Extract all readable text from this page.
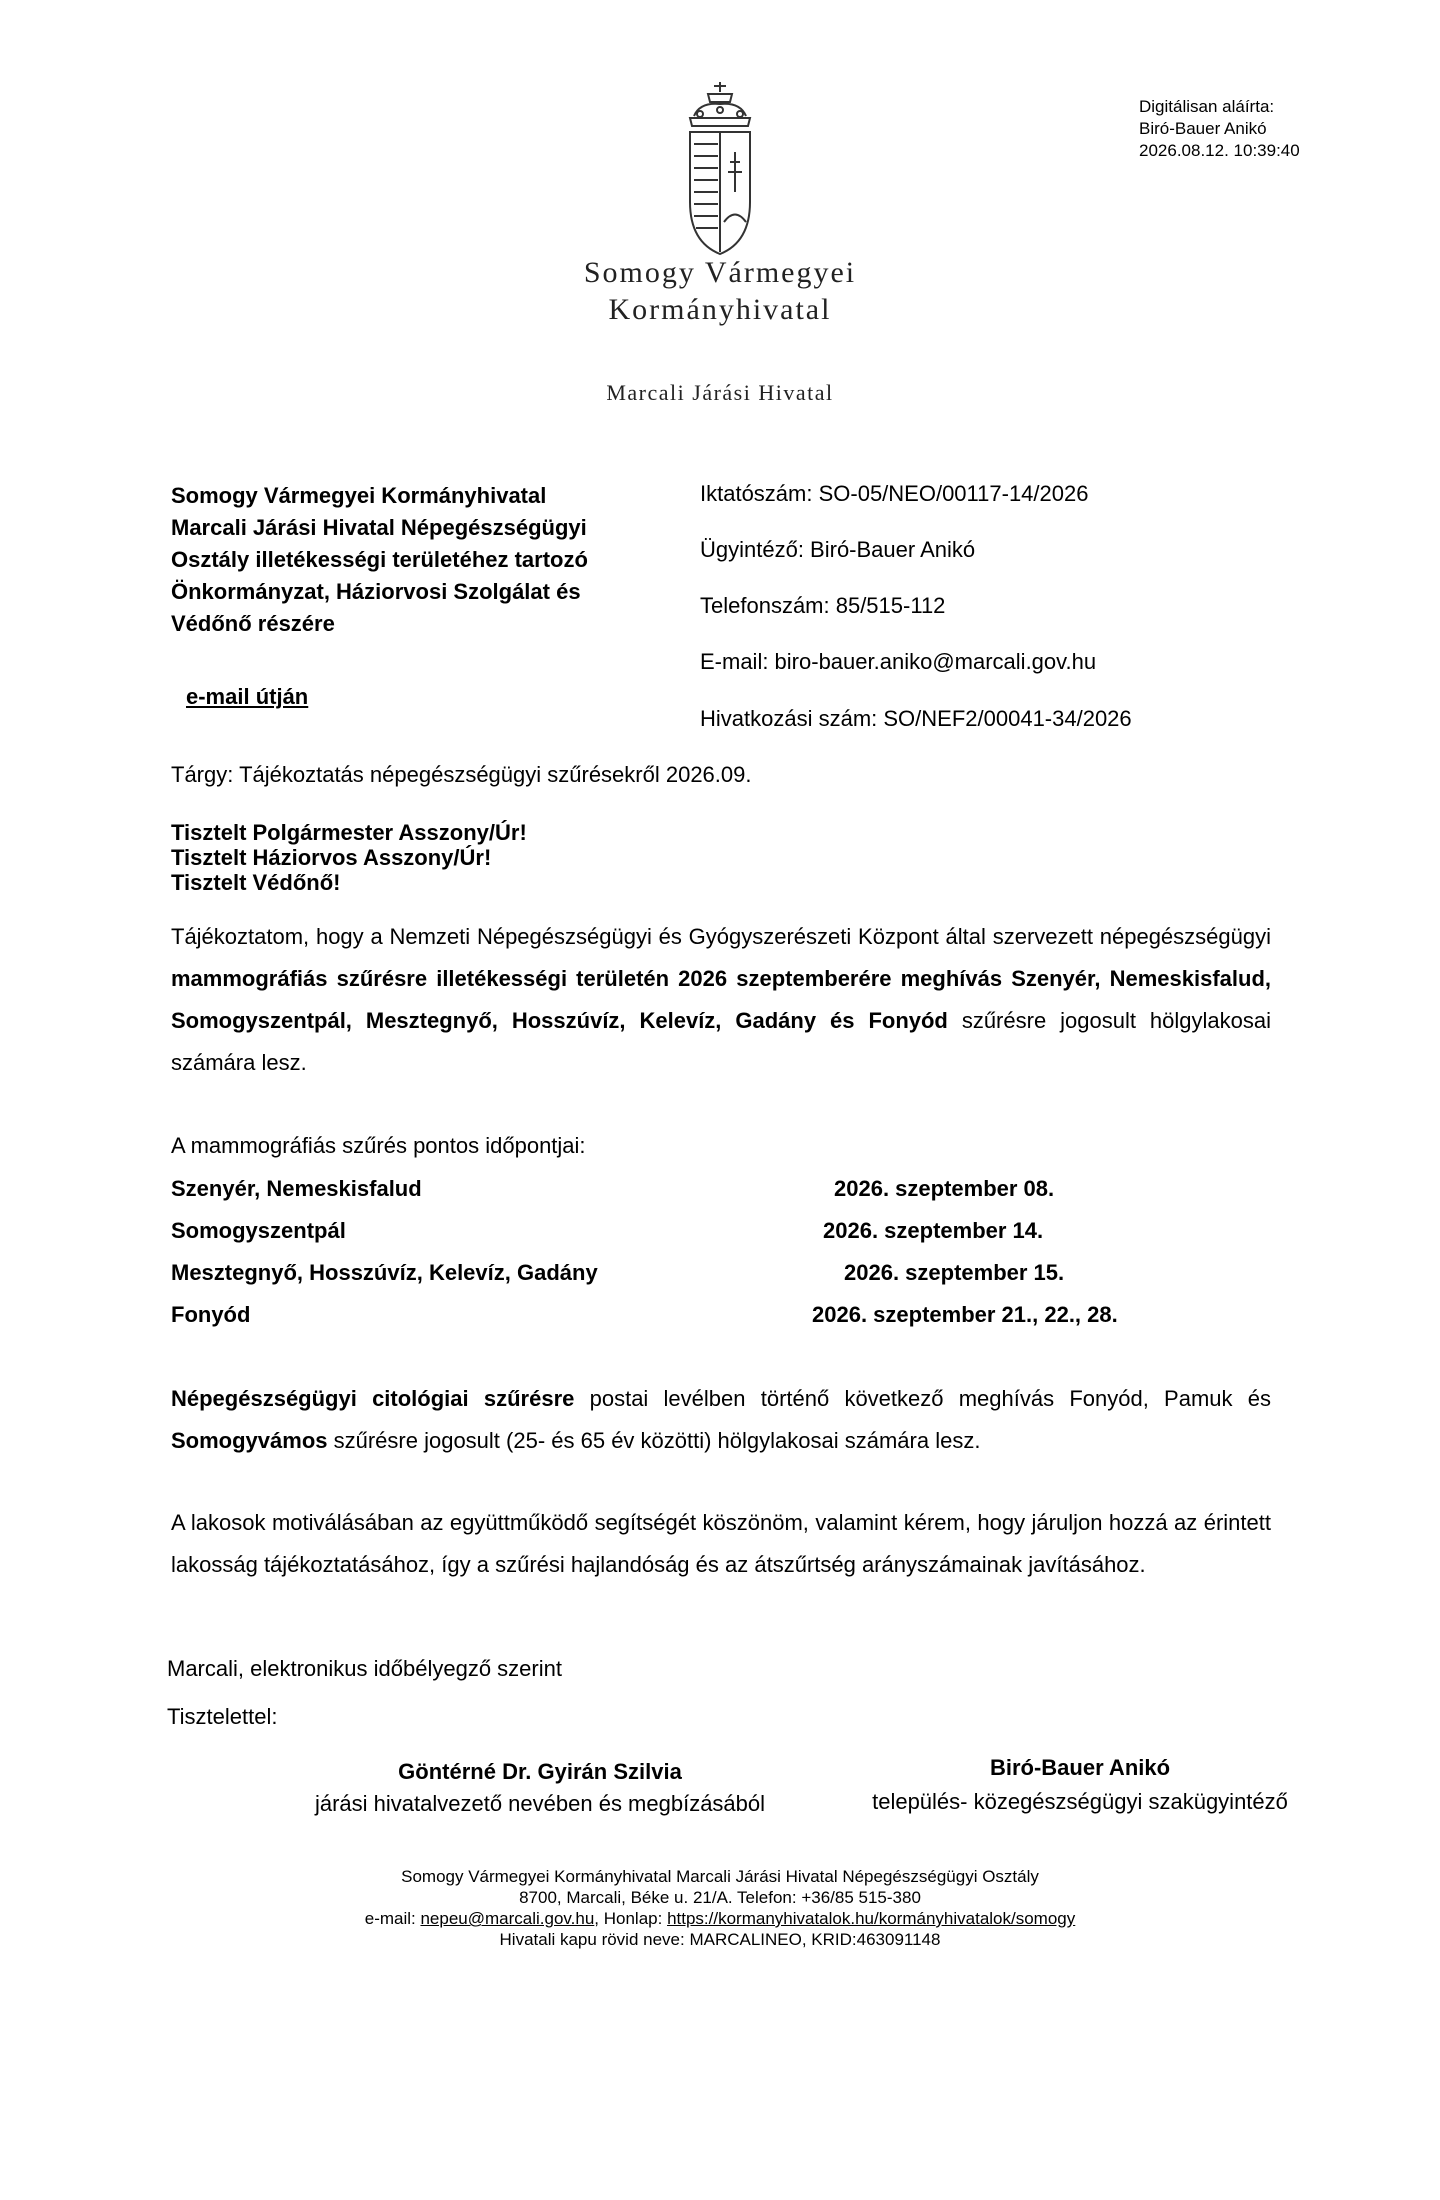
Digitálisan aláírta:
Biró-Bauer Anikó
2026.08.12. 10:39:40
Somogy Vármegyei
Kormányhivatal
Marcali Járási Hivatal
Somogy Vármegyei Kormányhivatal
Marcali Járási Hivatal Népegészségügyi
Osztály illetékességi területéhez tartozó
Önkormányzat, Háziorvosi Szolgálat és
Védőnő részére
e-mail útján
Iktatószám: SO-05/NEO/00117-14/2026
Ügyintéző: Biró-Bauer Anikó
Telefonszám: 85/515-112
E-mail: biro-bauer.aniko@marcali.gov.hu
Hivatkozási szám: SO/NEF2/00041-34/2026
Tárgy: Tájékoztatás népegészségügyi szűrésekről 2026.09.
Tisztelt Polgármester Asszony/Úr!
Tisztelt Háziorvos Asszony/Úr!
Tisztelt Védőnő!
Tájékoztatom, hogy a Nemzeti Népegészségügyi és Gyógyszerészeti Központ által szervezett népegészségügyi mammográfiás szűrésre illetékességi területén 2026 szeptemberére meghívás Szenyér, Nemeskisfalud, Somogyszentpál, Mesztegnyő, Hosszúvíz, Kelevíz, Gadány és Fonyód szűrésre jogosult hölgylakosai számára lesz.
A mammográfiás szűrés pontos időpontjai:
Szenyér, Nemeskisfalud	2026. szeptember 08.
Somogyszentpál	2026. szeptember 14.
Mesztegnyő, Hosszúvíz, Kelevíz, Gadány	2026. szeptember 15.
Fonyód	2026. szeptember 21., 22., 28.
Népegészségügyi citológiai szűrésre postai levélben történő következő meghívás Fonyód, Pamuk és Somogyvámos szűrésre jogosult (25- és 65 év közötti) hölgylakosai számára lesz.
A lakosok motiválásában az együttműködő segítségét köszönöm, valamint kérem, hogy járuljon hozzá az érintett lakosság tájékoztatásához, így a szűrési hajlandóság és az átszűrtség arányszámainak javításához.
Marcali, elektronikus időbélyegző szerint
Tisztelettel:
Göntérné Dr. Gyirán Szilvia
járási hivatalvezető nevében és megbízásából
Biró-Bauer Anikó
település- közegészségügyi szakügyintéző
Somogy Vármegyei Kormányhivatal Marcali Járási Hivatal Népegészségügyi Osztály
8700, Marcali, Béke u. 21/A. Telefon: +36/85 515-380
e-mail: nepeu@marcali.gov.hu, Honlap: https://kormanyhivatalok.hu/kormányhivatalok/somogy
Hivatali kapu rövid neve: MARCALINEO, KRID:463091148
